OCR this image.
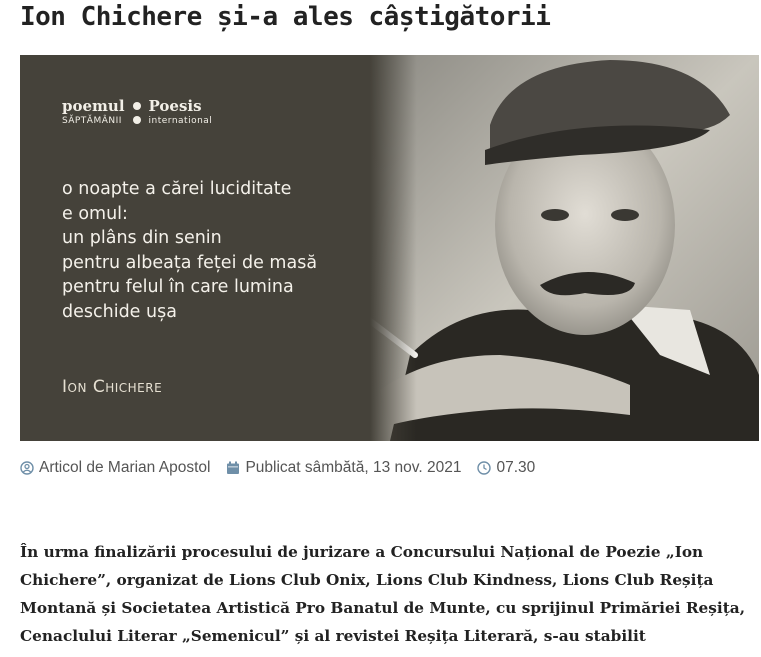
Ion Chichere și-a ales câștigătorii
poemul
SĂPTĂMÂNII
Poesis
international
o noapte a cărei luciditate
e omul:
un plâns din senin
pentru albeața feței de masă
pentru felul în care lumina
deschide ușa
Ion Chichere
Articol de Marian Apostol Publicat sâmbătă, 13 nov. 2021 07.30

În urma finalizării procesului de jurizare a Concursului Național de Poezie „Ion Chichere”, organizat de Lions Club Onix, Lions Club Kindness, Lions Club Reșița Montană și Societatea Artistică Pro Banatul de Munte, cu sprijinul Primăriei Reșița, Cenaclului Literar „Semenicul” și al revistei Reșița Literară, s-au stabilit
